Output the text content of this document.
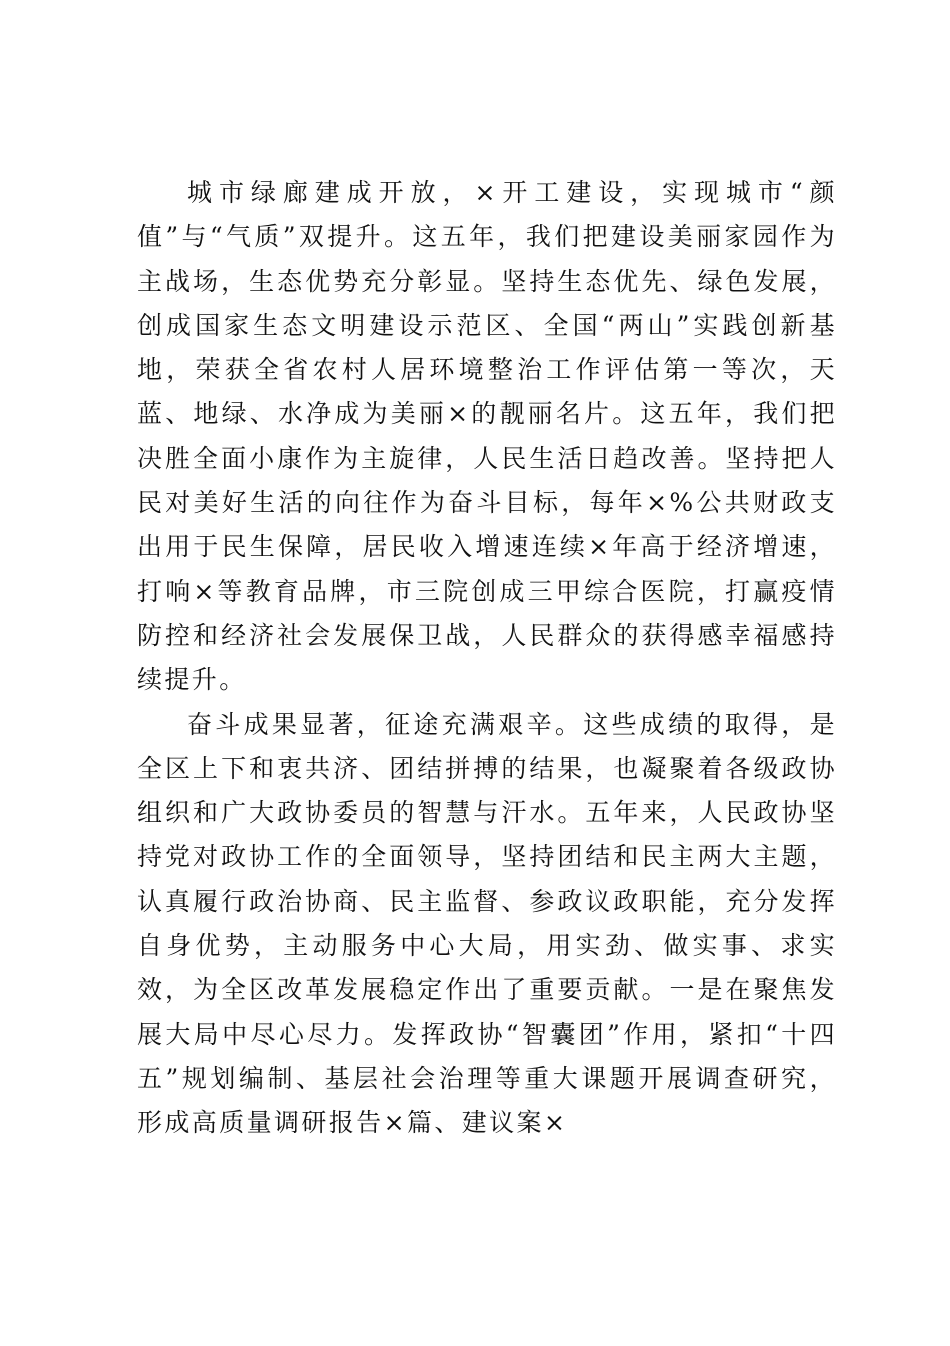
城市绿廊建成开放，×开工建设，实现城市“颜值”与“气质”双提升。这五年，我们把建设美丽家园作为主战场，生态优势充分彰显。坚持生态优先、绿色发展，创成国家生态文明建设示范区、全国“两山”实践创新基地，荣获全省农村人居环境整治工作评估第一等次，天蓝、地绿、水净成为美丽×的靓丽名片。这五年，我们把决胜全面小康作为主旋律，人民生活日趋改善。坚持把人民对美好生活的向往作为奋斗目标，每年×%公共财政支出用于民生保障，居民收入增速连续×年高于经济增速，打响×等教育品牌，市三院创成三甲综合医院，打赢疫情防控和经济社会发展保卫战，人民群众的获得感幸福感持续提升。

奋斗成果显著，征途充满艰辛。这些成绩的取得，是全区上下和衷共济、团结拼搏的结果，也凝聚着各级政协组织和广大政协委员的智慧与汗水。五年来，人民政协坚持党对政协工作的全面领导，坚持团结和民主两大主题，认真履行政治协商、民主监督、参政议政职能，充分发挥自身优势，主动服务中心大局，用实劲、做实事、求实效，为全区改革发展稳定作出了重要贡献。一是在聚焦发展大局中尽心尽力。发挥政协“智囊团”作用，紧扣“十四五”规划编制、基层社会治理等重大课题开展调查研究，形成高质量调研报告×篇、建议案×
